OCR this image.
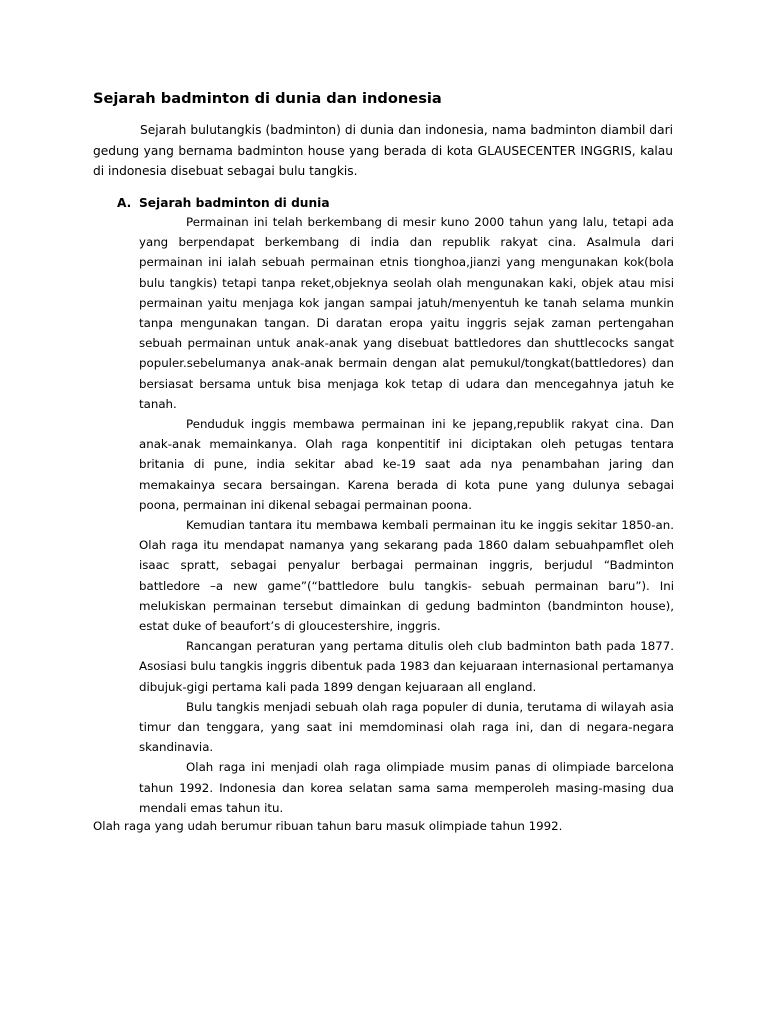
Sejarah badminton di dunia dan indonesia

Sejarah bulutangkis (badminton) di dunia dan indonesia, nama badminton diambil dari gedung yang bernama badminton house yang berada di kota GLAUSECENTER INGGRIS, kalau di indonesia disebuat sebagai bulu tangkis.

A. Sejarah badminton di dunia

Permainan ini telah berkembang di mesir kuno 2000 tahun yang lalu, tetapi ada yang berpendapat berkembang di india dan republik rakyat cina. Asalmula dari permainan ini ialah sebuah permainan etnis tionghoa,jianzi yang mengunakan kok(bola bulu tangkis) tetapi tanpa reket,objeknya seolah olah mengunakan kaki, objek atau misi permainan yaitu menjaga kok jangan sampai jatuh/menyentuh ke tanah selama munkin tanpa mengunakan tangan. Di daratan eropa yaitu inggris sejak zaman pertengahan sebuah permainan untuk anak-anak yang disebuat battledores dan shuttlecocks sangat populer.sebelumanya anak-anak bermain dengan alat pemukul/tongkat(battledores) dan bersiasat bersama untuk bisa menjaga kok tetap di udara dan mencegahnya jatuh ke tanah.

Penduduk inggis membawa permainan ini ke jepang,republik rakyat cina. Dan anak-anak memainkanya. Olah raga konpentitif ini diciptakan oleh petugas tentara britania di pune, india sekitar abad ke-19 saat ada nya penambahan jaring dan memakainya secara bersaingan. Karena berada di kota pune yang dulunya sebagai poona, permainan ini dikenal sebagai permainan poona.

Kemudian tantara itu membawa kembali permainan itu ke inggis sekitar 1850-an. Olah raga itu mendapat namanya yang sekarang pada 1860 dalam sebuahpamflet oleh isaac spratt, sebagai penyalur berbagai permainan inggris, berjudul “Badminton battledore –a new game”(“battledore bulu tangkis- sebuah permainan baru”). Ini melukiskan permainan tersebut dimainkan di gedung badminton (bandminton house), estat duke of beaufort’s di gloucestershire, inggris.

Rancangan peraturan yang pertama ditulis oleh club badminton bath pada 1877. Asosiasi bulu tangkis inggris dibentuk pada 1983 dan kejuaraan internasional pertamanya dibujuk-gigi pertama kali pada 1899 dengan kejuaraan all england.

Bulu tangkis menjadi sebuah olah raga populer di dunia, terutama di wilayah asia timur dan tenggara, yang saat ini memdominasi olah raga ini, dan di negara-negara skandinavia.

Olah raga ini menjadi olah raga olimpiade musim panas di olimpiade barcelona tahun 1992. Indonesia dan korea selatan sama sama memperoleh masing-masing dua mendali emas tahun itu.

Olah raga yang udah berumur ribuan tahun baru masuk olimpiade tahun 1992.
